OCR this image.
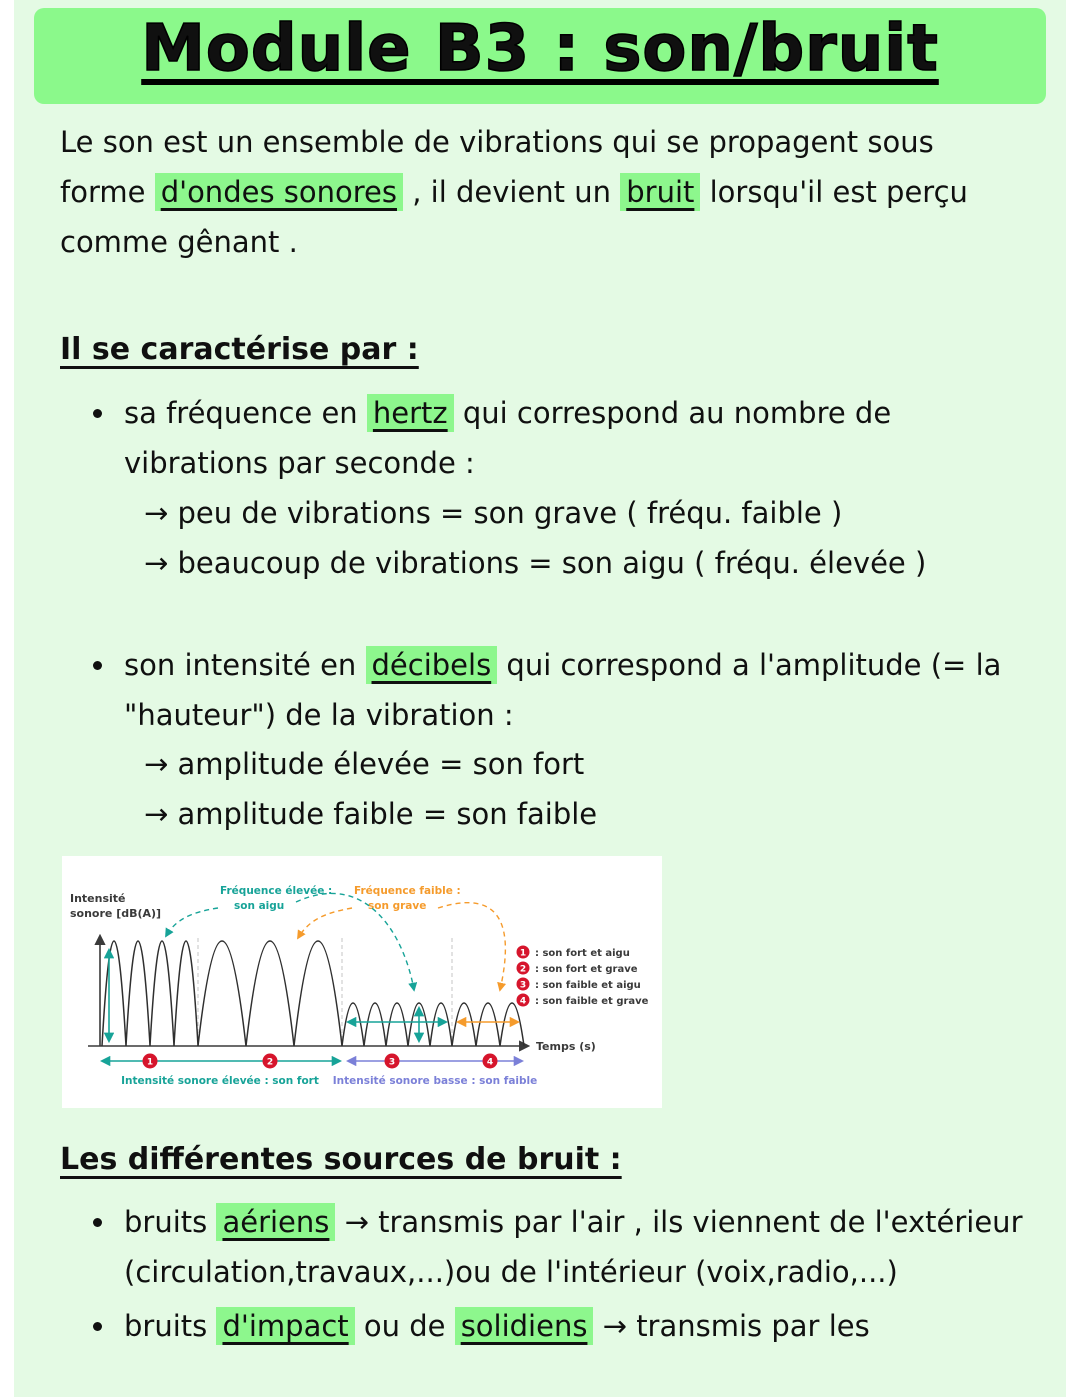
Module B3 : son/bruit

Le son est un ensemble de vibrations qui se propagent sous forme d'ondes sonores , il devient un bruit lorsqu'il est perçu comme gênant .

Il se caractérise par :
• sa fréquence en hertz qui correspond au nombre de vibrations par seconde :
→ peu de vibrations = son grave ( fréqu. faible )
→ beaucoup de vibrations = son aigu ( fréqu. élevée )
• son intensité en décibels qui correspond a l'amplitude (= la "hauteur") de la vibration :
→ amplitude élevée = son fort
→ amplitude faible = son faible
Temps (s)
Intensité
sonore [dB(A)]
Fréquence élevée :
son aigu
Fréquence faible :
son grave
1	2	3	4
Intensité sonore élevée : son fort Intensité sonore basse : son faible
1 : son fort et aigu
2 : son fort et grave
3 : son faible et aigu
4 : son faible et grave
Les différentes sources de bruit :
• bruits aériens → transmis par l'air , ils viennent de l'extérieur (circulation,travaux,...)ou de l'intérieur (voix,radio,...)
• bruits d'impact ou de solidiens → transmis par les
